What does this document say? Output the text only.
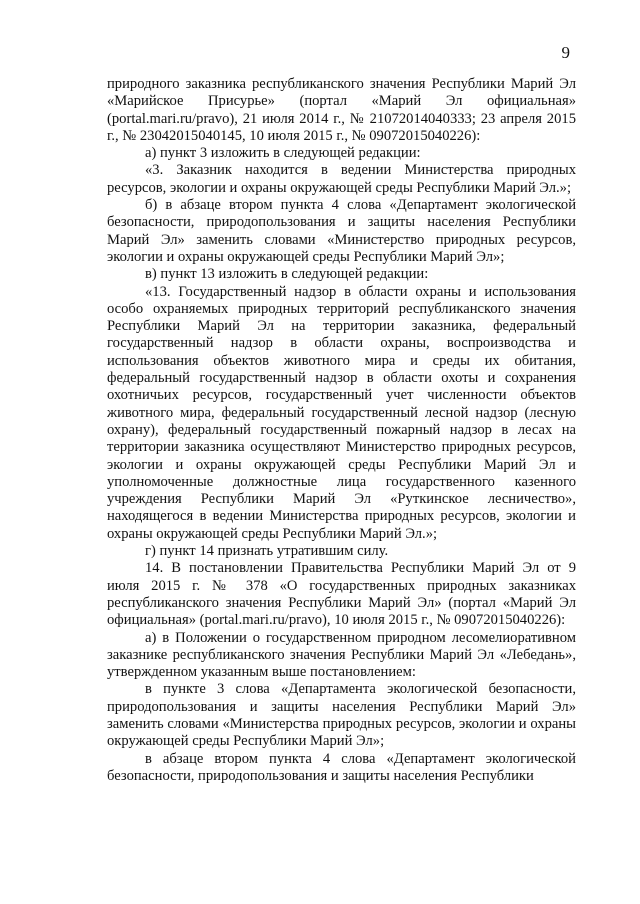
9

природного заказника республиканского значения Республики Марий Эл «Марийское Присурье» (портал «Марий Эл официальная» (portal.mari.ru/pravo), 21 июля 2014 г., № 21072014040333; 23 апреля 2015 г., № 23042015040145, 10 июля 2015 г., № 09072015040226):

а) пункт 3 изложить в следующей редакции:

«3. Заказник находится в ведении Министерства природных ресурсов, экологии и охраны окружающей среды Республики Марий Эл.»;

б) в абзаце втором пункта 4 слова «Департамент экологической безопасности, природопользования и защиты населения Республики Марий Эл» заменить словами «Министерство природных ресурсов, экологии и охраны окружающей среды Республики Марий Эл»;

в) пункт 13 изложить в следующей редакции:

«13. Государственный надзор в области охраны и использования особо охраняемых природных территорий республиканского значения Республики Марий Эл на территории заказника, федеральный государственный надзор в области охраны, воспроизводства и использования объектов животного мира и среды их обитания, федеральный государственный надзор в области охоты и сохранения охотничьих ресурсов, государственный учет численности объектов животного мира, федеральный государственный лесной надзор (лесную охрану), федеральный государственный пожарный надзор в лесах на территории заказника осуществляют Министерство природных ресурсов, экологии и охраны окружающей среды Республики Марий Эл и уполномоченные должностные лица государственного казенного учреждения Республики Марий Эл «Руткинское лесничество», находящегося в ведении Министерства природных ресурсов, экологии и охраны окружающей среды Республики Марий Эл.»;

г) пункт 14 признать утратившим силу.

14. В постановлении Правительства Республики Марий Эл от 9 июля 2015 г. № 378 «О государственных природных заказниках республиканского значения Республики Марий Эл» (портал «Марий Эл официальная» (portal.mari.ru/pravo), 10 июля 2015 г., № 09072015040226):

а) в Положении о государственном природном лесомелиоративном заказнике республиканского значения Республики Марий Эл «Лебедань», утвержденном указанным выше постановлением:

в пункте 3 слова «Департамента экологической безопасности, природопользования и защиты населения Республики Марий Эл» заменить словами «Министерства природных ресурсов, экологии и охраны окружающей среды Республики Марий Эл»;

в абзаце втором пункта 4 слова «Департамент экологической безопасности, природопользования и защиты населения Республики
